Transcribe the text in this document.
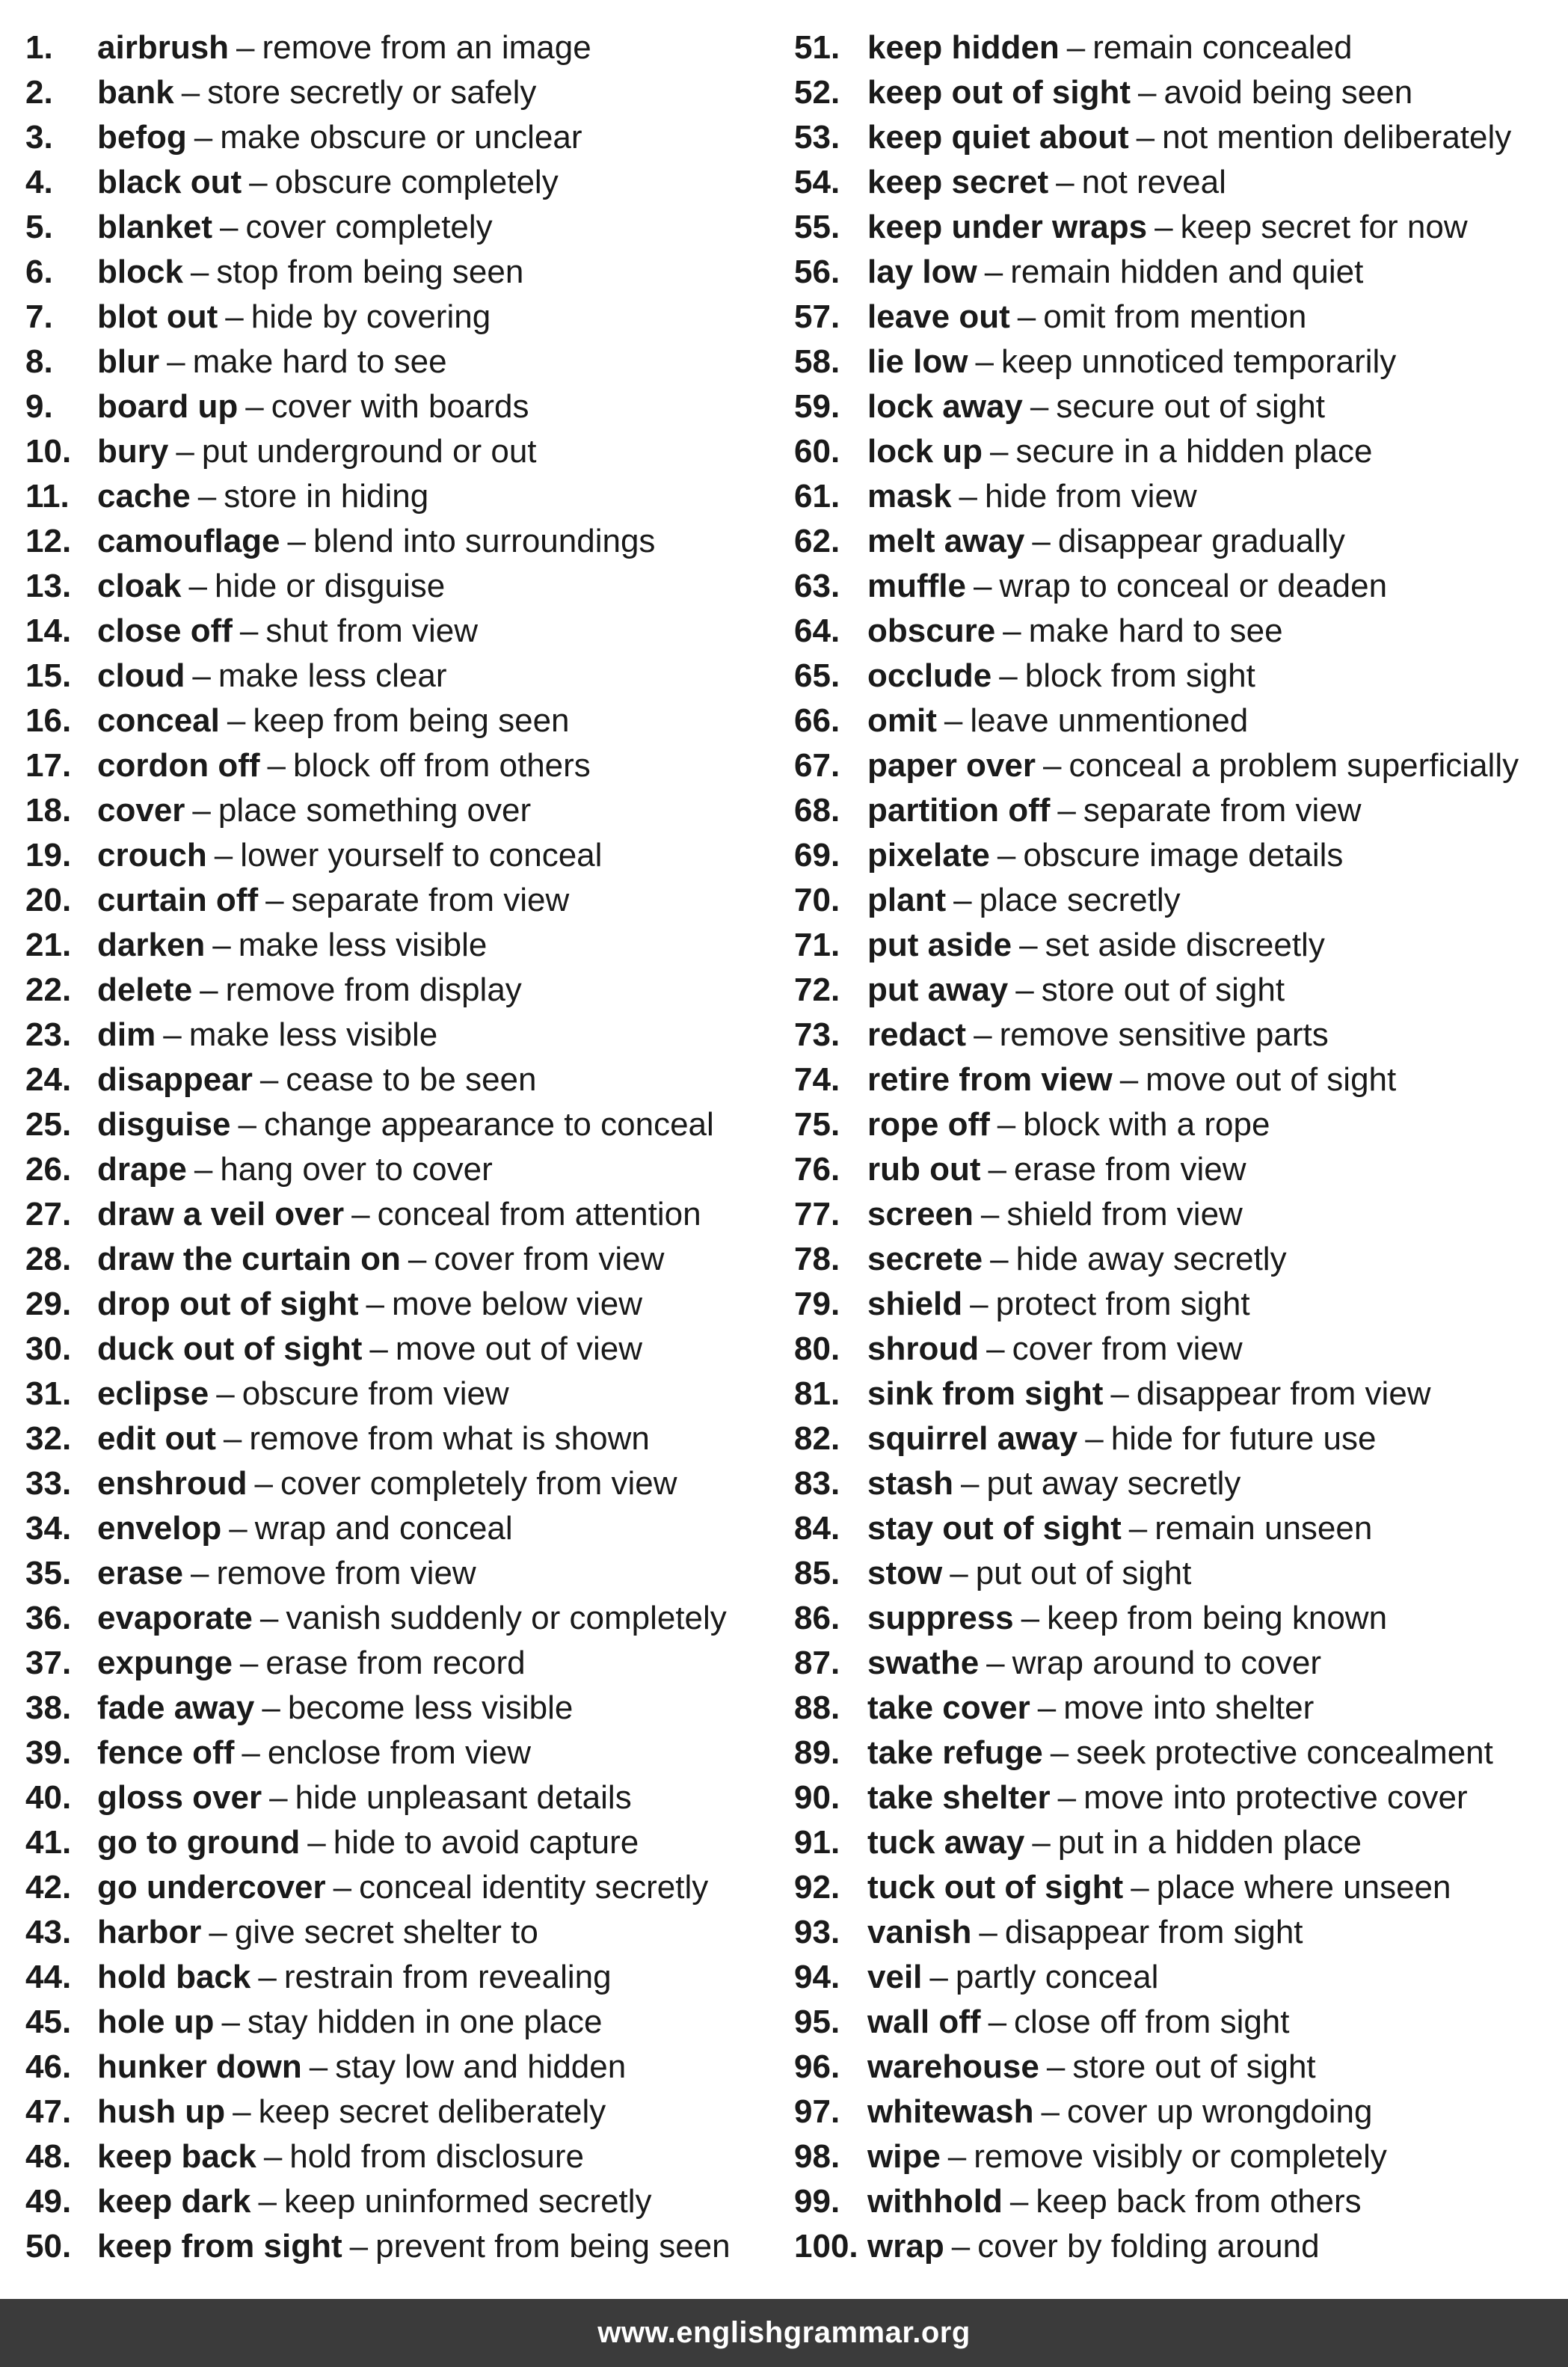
1.	airbrush – remove from an image
2.	bank – store secretly or safely
3.	befog – make obscure or unclear
4.	black out – obscure completely
5.	blanket – cover completely
6.	block – stop from being seen
7.	blot out – hide by covering
8.	blur – make hard to see
9.	board up – cover with boards
10. bury – put underground or out
11. cache – store in hiding
12. camouflage – blend into surroundings
13. cloak – hide or disguise
14. close off – shut from view
15. cloud – make less clear
16. conceal – keep from being seen
17. cordon off – block off from others
18. cover – place something over
19. crouch – lower yourself to conceal
20. curtain off – separate from view
21. darken – make less visible
22. delete – remove from display
23. dim – make less visible
24. disappear – cease to be seen
25. disguise – change appearance to conceal
26. drape – hang over to cover
27. draw a veil over – conceal from attention
28. draw the curtain on – cover from view
29. drop out of sight – move below view
30. duck out of sight – move out of view
31. eclipse – obscure from view
32. edit out – remove from what is shown
33. enshroud – cover completely from view
34. envelop – wrap and conceal
35. erase – remove from view
36. evaporate – vanish suddenly or completely
37. expunge – erase from record
38. fade away – become less visible
39. fence off – enclose from view
40. gloss over – hide unpleasant details
41. go to ground – hide to avoid capture
42. go undercover – conceal identity secretly
43. harbor – give secret shelter to
44. hold back – restrain from revealing
45. hole up – stay hidden in one place
46. hunker down – stay low and hidden
47. hush up – keep secret deliberately
48. keep back – hold from disclosure
49. keep dark – keep uninformed secretly
50. keep from sight – prevent from being seen
51. keep hidden – remain concealed
52. keep out of sight – avoid being seen
53. keep quiet about – not mention deliberately
54. keep secret – not reveal
55. keep under wraps – keep secret for now
56. lay low – remain hidden and quiet
57. leave out – omit from mention
58. lie low – keep unnoticed temporarily
59. lock away – secure out of sight
60. lock up – secure in a hidden place
61. mask – hide from view
62. melt away – disappear gradually
63. muffle – wrap to conceal or deaden
64. obscure – make hard to see
65. occlude – block from sight
66. omit – leave unmentioned
67. paper over – conceal a problem superficially
68. partition off – separate from view
69. pixelate – obscure image details
70. plant – place secretly
71. put aside – set aside discreetly
72. put away – store out of sight
73. redact – remove sensitive parts
74. retire from view – move out of sight
75. rope off – block with a rope
76. rub out – erase from view
77. screen – shield from view
78. secrete – hide away secretly
79. shield – protect from sight
80. shroud – cover from view
81. sink from sight – disappear from view
82. squirrel away – hide for future use
83. stash – put away secretly
84. stay out of sight – remain unseen
85. stow – put out of sight
86. suppress – keep from being known
87. swathe – wrap around to cover
88. take cover – move into shelter
89. take refuge – seek protective concealment
90. take shelter – move into protective cover
91. tuck away – put in a hidden place
92. tuck out of sight – place where unseen
93. vanish – disappear from sight
94. veil – partly conceal
95. wall off – close off from sight
96. warehouse – store out of sight
97. whitewash – cover up wrongdoing
98. wipe – remove visibly or completely
99. withhold – keep back from others
100. wrap – cover by folding around
www.englishgrammar.org
